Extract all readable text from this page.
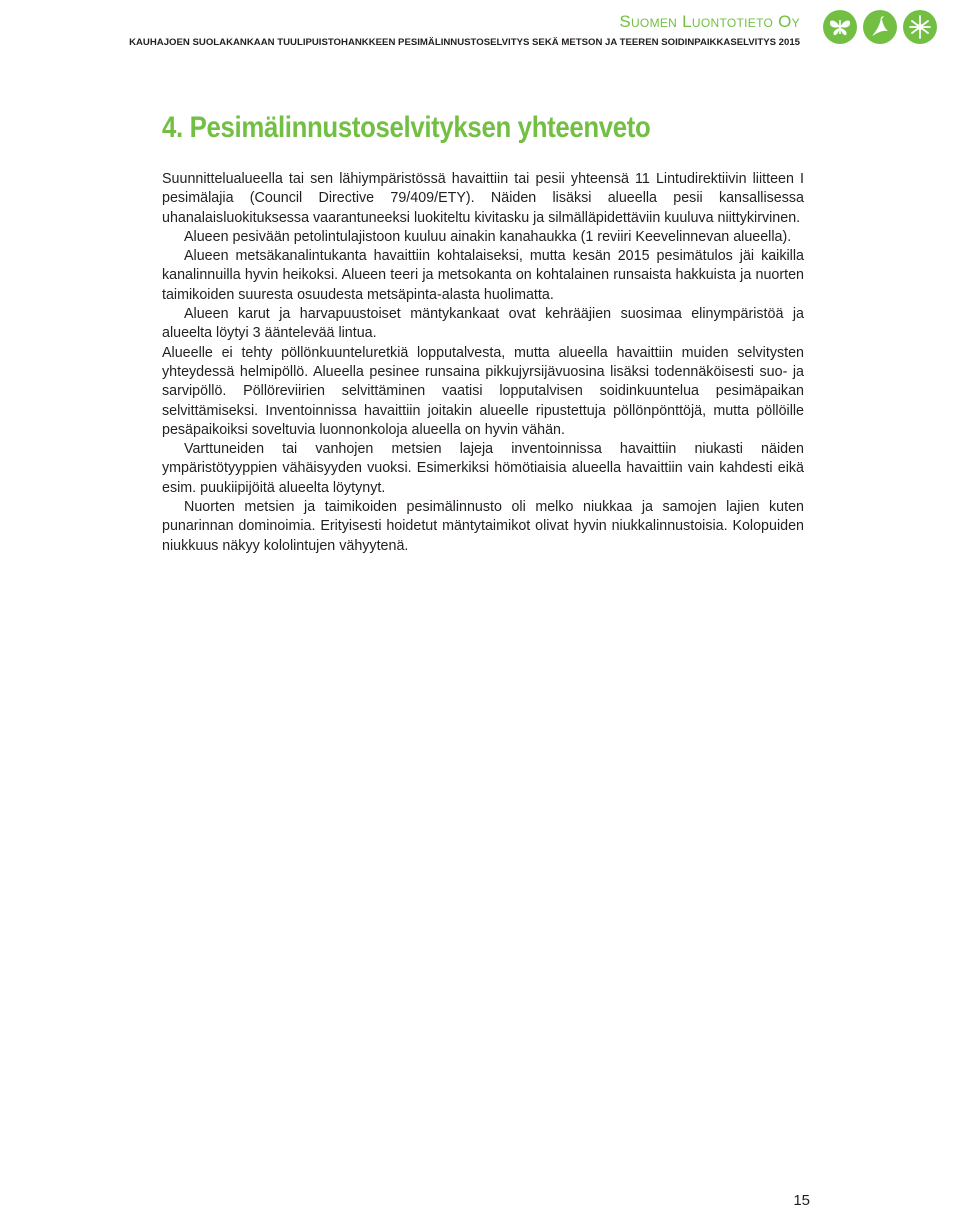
Suomen Luontotieto Oy
KAUHAJOEN SUOLAKANKAAN TUULIPUISTOHANKKEEN PESIMÄLINNUSTOSELVITYS SEKÄ METSON JA TEEREN SOIDINPAIKKASELVITYS 2015
4. Pesimälinnustoselvityksen yhteenveto

Suunnittelualueella tai sen lähiympäristössä havaittiin tai pesii yhteensä 11 Lintudirektiivin liitteen I pesimälajia (Council Directive 79/409/ETY). Näiden lisäksi alueella pesii kansallisessa uhanalaisluokituksessa vaarantuneeksi luokiteltu kivitasku ja silmälläpidettäviin kuuluva niittykirvinen.

Alueen pesivään petolintulajistoon kuuluu ainakin kanahaukka (1 reviiri Keevelinnevan alueella).

Alueen metsäkanalintukanta havaittiin kohtalaiseksi, mutta kesän 2015 pesimätulos jäi kaikilla kanalinnuilla hyvin heikoksi. Alueen teeri ja metsokanta on kohtalainen runsaista hakkuista ja nuorten taimikoiden suuresta osuudesta metsäpinta-alasta huolimatta.

Alueen karut ja harvapuustoiset mäntykankaat ovat kehrääjien suosimaa elinympäristöä ja alueelta löytyi 3 ääntelevää lintua.

Alueelle ei tehty pöllönkuunteluretkiä lopputalvesta, mutta alueella havaittiin muiden selvitysten yhteydessä helmipöllö. Alueella pesinee runsaina pikkujyrsijävuosina lisäksi todennäköisesti suo- ja sarvipöllö. Pöllöreviirien selvittäminen vaatisi lopputalvisen soidinkuuntelua pesimäpaikan selvittämiseksi. Inventoinnissa havaittiin joitakin alueelle ripustettuja pöllönpönttöjä, mutta pöllöille pesäpaikoiksi soveltuvia luonnonkoloja alueella on hyvin vähän.

Varttuneiden tai vanhojen metsien lajeja inventoinnissa havaittiin niukasti näiden ympäristötyyppien vähäisyyden vuoksi. Esimerkiksi hömötiaisia alueella havaittiin vain kahdesti eikä esim. puukiipijöitä alueelta löytynyt.

Nuorten metsien ja taimikoiden pesimälinnusto oli melko niukkaa ja samojen lajien kuten punarinnan dominoimia. Erityisesti hoidetut mäntytaimikot olivat hyvin niukkalinnustoisia. Kolopuiden niukkuus näkyy kololintujen vähyytenä.

15
